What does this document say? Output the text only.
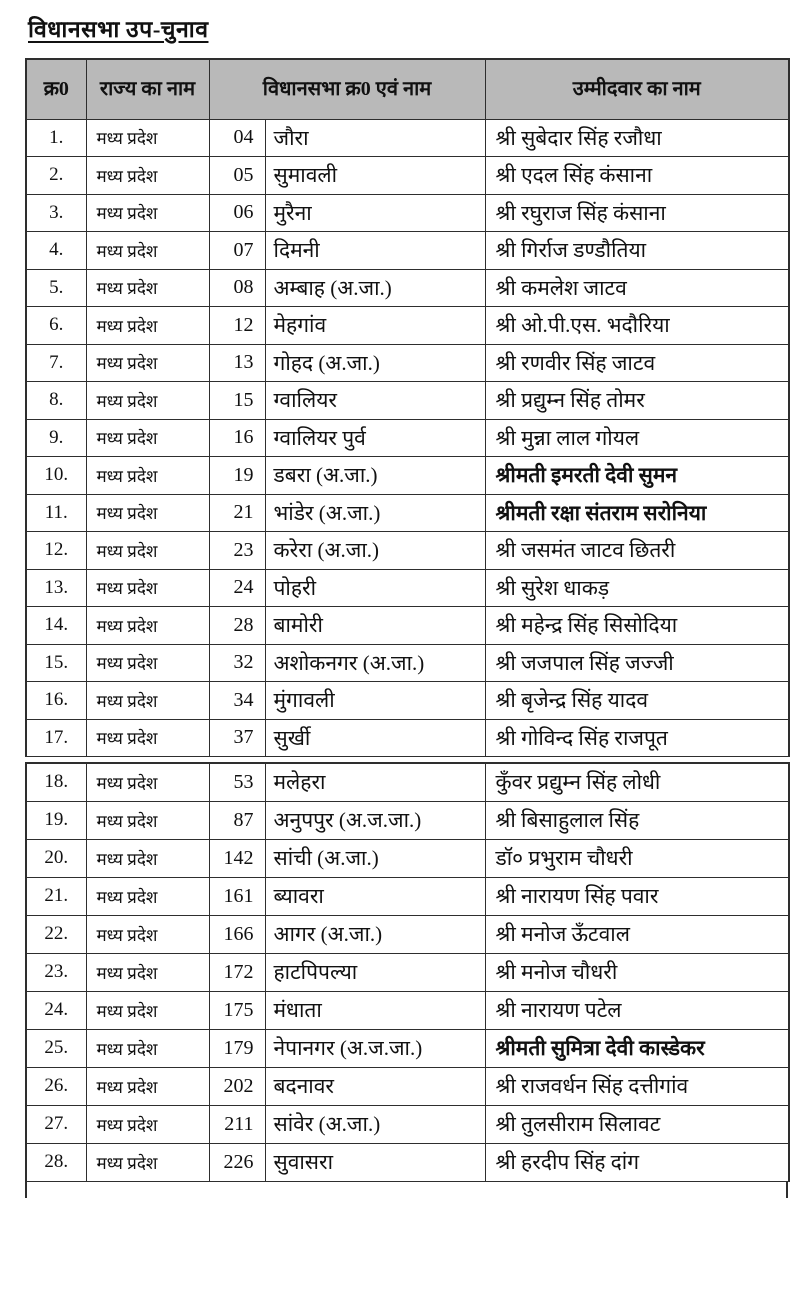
विधानसभा उप-चुनाव
क्र0	राज्य का नाम	विधानसभा क्र0 एवं नाम		उम्मीदवार का नाम
1.	मध्य प्रदेश	04	जौरा	श्री सुबेदार सिंह रजौधा
2.	मध्य प्रदेश	05	सुमावली	श्री एदल सिंह कंसाना
3.	मध्य प्रदेश	06	मुरैना	श्री रघुराज सिंह कंसाना
4.	मध्य प्रदेश	07	दिमनी	श्री गिर्राज डण्डौतिया
5.	मध्य प्रदेश	08	अम्बाह (अ.जा.)	श्री कमलेश जाटव
6.	मध्य प्रदेश	12	मेहगांव	श्री ओ.पी.एस. भदौरिया
7.	मध्य प्रदेश	13	गोहद (अ.जा.)	श्री रणवीर सिंह जाटव
8.	मध्य प्रदेश	15	ग्वालियर	श्री प्रद्युम्न सिंह तोमर
9.	मध्य प्रदेश	16	ग्वालियर पुर्व	श्री मुन्ना लाल गोयल
10.	मध्य प्रदेश	19	डबरा (अ.जा.)	श्रीमती इमरती देवी सुमन
11.	मध्य प्रदेश	21	भांडेर (अ.जा.)	श्रीमती रक्षा संतराम सरोनिया
12.	मध्य प्रदेश	23	करेरा (अ.जा.)	श्री जसमंत जाटव छितरी
13.	मध्य प्रदेश	24	पोहरी	श्री सुरेश धाकड़
14.	मध्य प्रदेश	28	बामोरी	श्री महेन्द्र सिंह सिसोदिया
15.	मध्य प्रदेश	32	अशोकनगर (अ.जा.)	श्री जजपाल सिंह जज्जी
16.	मध्य प्रदेश	34	मुंगावली	श्री बृजेन्द्र सिंह यादव
17.	मध्य प्रदेश	37	सुर्खी	श्री गोविन्द सिंह राजपूत
18.	मध्य प्रदेश	53	मलेहरा	कुँवर प्रद्युम्न सिंह लोधी
19.	मध्य प्रदेश	87	अनुपपुर (अ.ज.जा.)	श्री बिसाहुलाल सिंह
20.	मध्य प्रदेश	142	सांची (अ.जा.)	डॉ० प्रभुराम चौधरी
21.	मध्य प्रदेश	161	ब्यावरा	श्री नारायण सिंह पवार
22.	मध्य प्रदेश	166	आगर (अ.जा.)	श्री मनोज ऊँटवाल
23.	मध्य प्रदेश	172	हाटपिपल्या	श्री मनोज चौधरी
24.	मध्य प्रदेश	175	मंधाता	श्री नारायण पटेल
25.	मध्य प्रदेश	179	नेपानगर (अ.ज.जा.)	श्रीमती सुमित्रा देवी कास्डेकर
26.	मध्य प्रदेश	202	बदनावर	श्री राजवर्धन सिंह दत्तीगांव
27.	मध्य प्रदेश	211	सांवेर (अ.जा.)	श्री तुलसीराम सिलावट
28.	मध्य प्रदेश	226	सुवासरा	श्री हरदीप सिंह दांग
